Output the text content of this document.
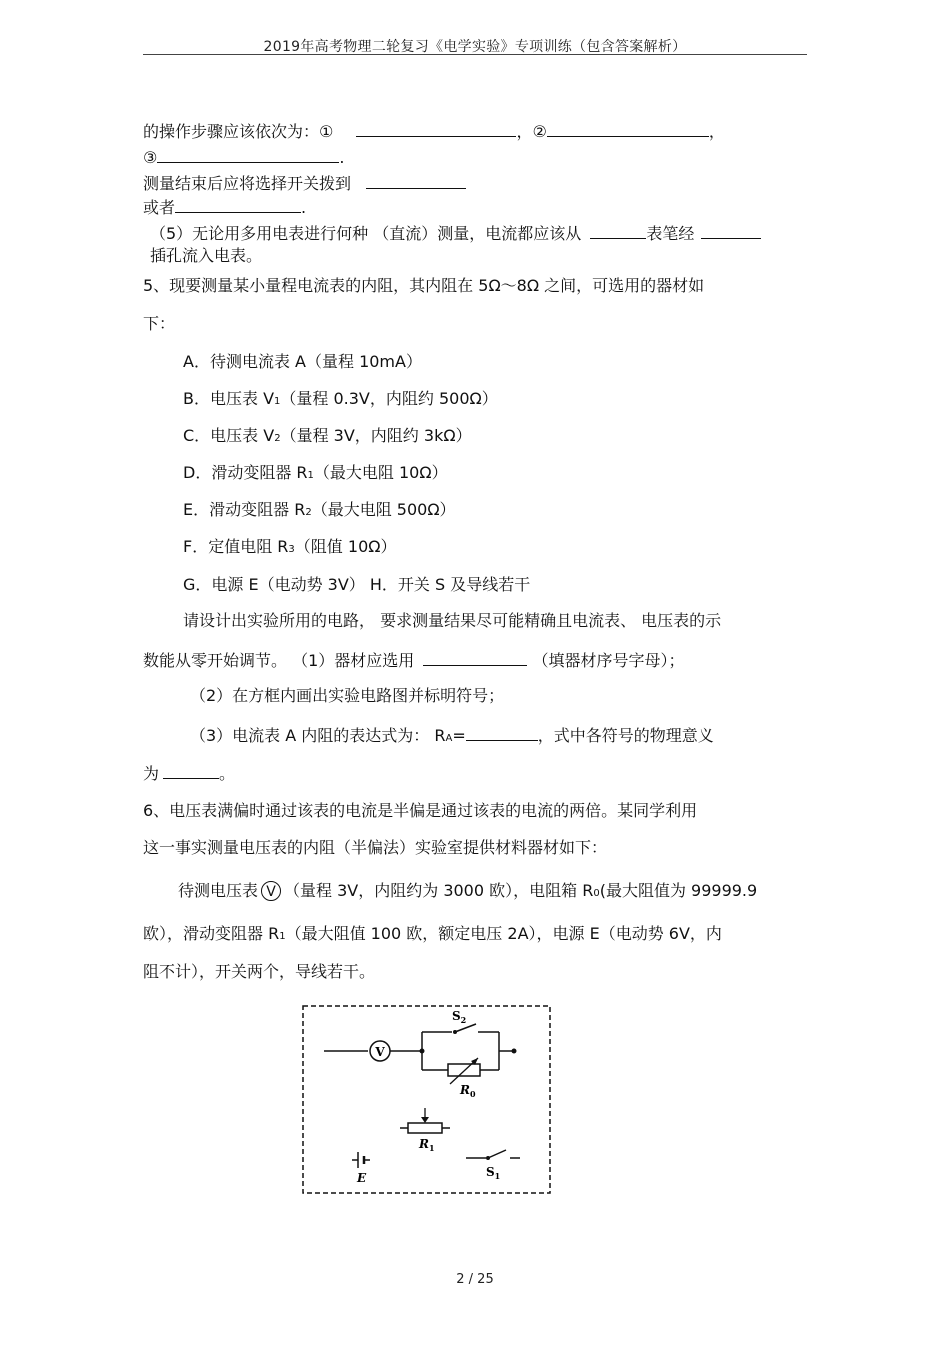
2019年高考物理二轮复习《电学实验》专项训练（包含答案解析）
的操作步骤应该依次为：①	，②	，
③	.
测量结束后应将选择开关拨到
或者	.
（5）无论用多用电表进行何种 （直流）测量，电流都应该从	表笔经
插孔流入电表。
5、现要测量某小量程电流表的内阻，其内阻在 5Ω～8Ω 之间，可选用的器材如
下：
A．待测电流表 A（量程 10mA）
B．电压表 V1（量程 0.3V，内阻约 500Ω）
C．电压表 V2（量程 3V，内阻约 3kΩ）
D．滑动变阻器 R1（最大电阻 10Ω）
E．滑动变阻器 R2（最大电阻 500Ω）
F．定值电阻 R3（阻值 10Ω）
G．电源 E（电动势 3V） H．开关 S 及导线若干
请设计出实验所用的电路， 要求测量结果尽可能精确且电流表、 电压表的示
数能从零开始调节。 （1）器材应选用	（填器材序号字母）；
（2）在方框内画出实验电路图并标明符号；
（3）电流表 A 内阻的表达式为： RA=	，式中各符号的物理意义
为	。
6、电压表满偏时通过该表的电流是半偏是通过该表的电流的两倍。某同学利用
这一事实测量电压表的内阻（半偏法）实验室提供材料器材如下：
待测电压表 V （量程 3V，内阻约为 3000 欧），电阻箱 R0(最大阻值为 99999.9
欧），滑动变阻器 R1（最大阻值 100 欧，额定电压 2A），电源 E（电动势 6V，内
阻不计），开关两个，导线若干。
V
$S_2$
$R_0$
$R_1$
E	$S_1$
2 / 25
